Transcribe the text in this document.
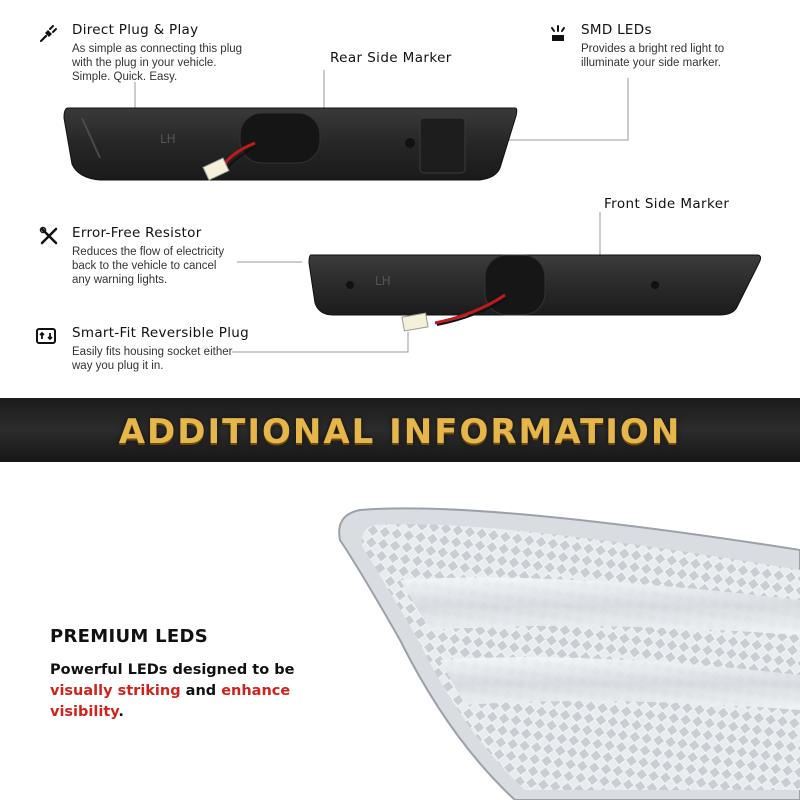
Direct Plug & Play
As simple as connecting this plug
with the plug in your vehicle.
Simple. Quick. Easy.
SMD LEDs
Provides a bright red light to
illuminate your side marker.
Error-Free Resistor
Reduces the flow of electricity
back to the vehicle to cancel
any warning lights.
Smart-Fit Reversible Plug
Easily fits housing socket either
way you plug it in.
Rear Side Marker
Front Side Marker
LH
LH
ADDITIONAL INFORMATION
PREMIUM LEDS
Powerful LEDs designed to be
visually striking and enhance
visibility.
